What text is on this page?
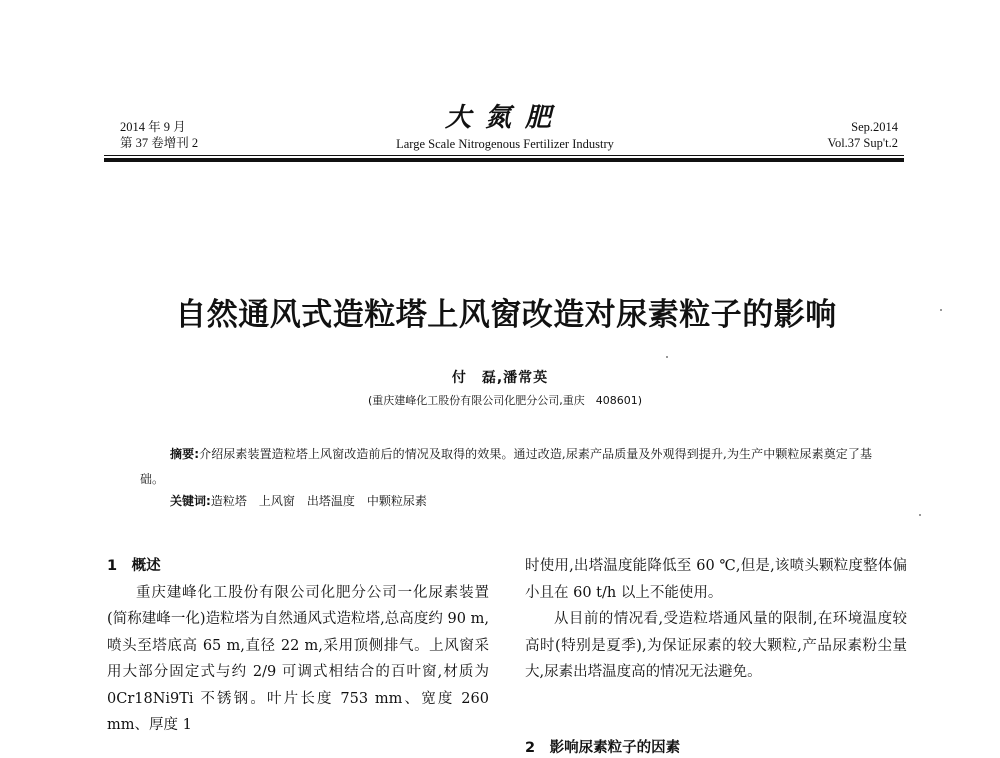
2014 年 9 月
第 37 卷增刊 2
大氮肥
Large Scale Nitrogenous Fertilizer Industry
Sep.2014
Vol.37 Sup't.2
自然通风式造粒塔上风窗改造对尿素粒子的影响
付　磊,潘常英
(重庆建峰化工股份有限公司化肥分公司,重庆　408601)
摘要:介绍尿素装置造粒塔上风窗改造前后的情况及取得的效果。通过改造,尿素产品质量及外观得到提升,为生产中颗粒尿素奠定了基础。
关键词:造粒塔　上风窗　出塔温度　中颗粒尿素
1　概述
重庆建峰化工股份有限公司化肥分公司一化尿素装置(简称建峰一化)造粒塔为自然通风式造粒塔,总高度约 90 m,喷头至塔底高 65 m,直径 22 m,采用顶侧排气。上风窗采用大部分固定式与约 2/9 可调式相结合的百叶窗,材质为 0Cr18Ni9Ti 不锈钢。叶片长度 753 mm、宽度 260 mm、厚度 1
时使用,出塔温度能降低至 60 ℃,但是,该喷头颗粒度整体偏小且在 60 t/h 以上不能使用。
从目前的情况看,受造粒塔通风量的限制,在环境温度较高时(特别是夏季),为保证尿素的较大颗粒,产品尿素粉尘量大,尿素出塔温度高的情况无法避免。
2　影响尿素粒子的因素
